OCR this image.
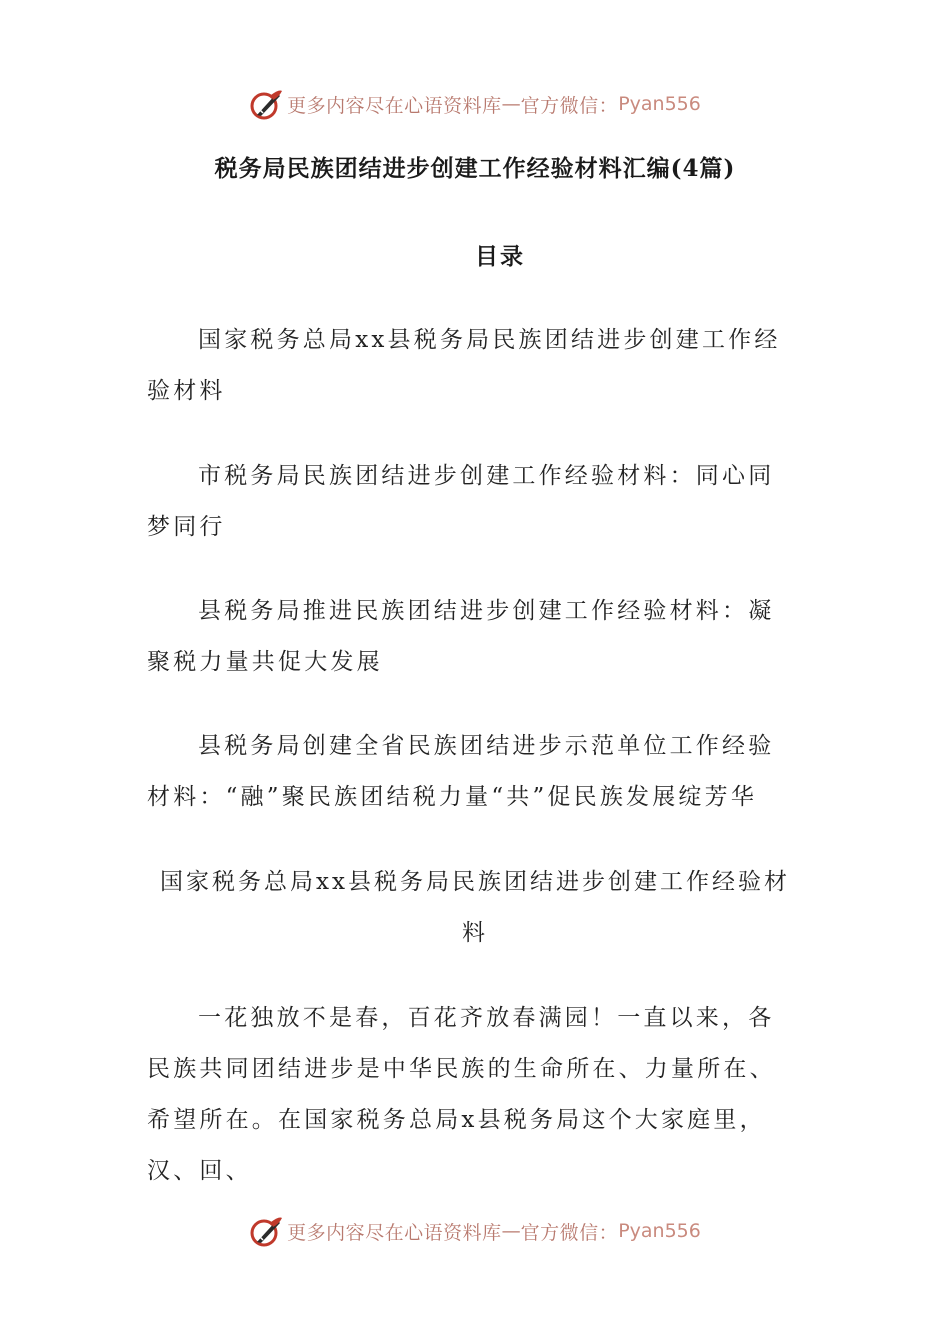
更多内容尽在心语资料库 — 官方微信： Pyan556
税务局民族团结进步创建工作经验材料汇编(4篇)
目录
国家税务总局xx县税务局民族团结进步创建工作经验材料
市税务局民族团结进步创建工作经验材料：同心同梦同行
县税务局推进民族团结进步创建工作经验材料：凝聚税力量共促大发展
县税务局创建全省民族团结进步示范单位工作经验材料：“融”聚民族团结税力量“共”促民族发展绽芳华
国家税务总局xx县税务局民族团结进步创建工作经验材料
一花独放不是春，百花齐放春满园！一直以来，各民族共同团结进步是中华民族的生命所在、力量所在、希望所在。在国家税务总局x县税务局这个大家庭里，汉、回、
更多内容尽在心语资料库 — 官方微信： Pyan556
